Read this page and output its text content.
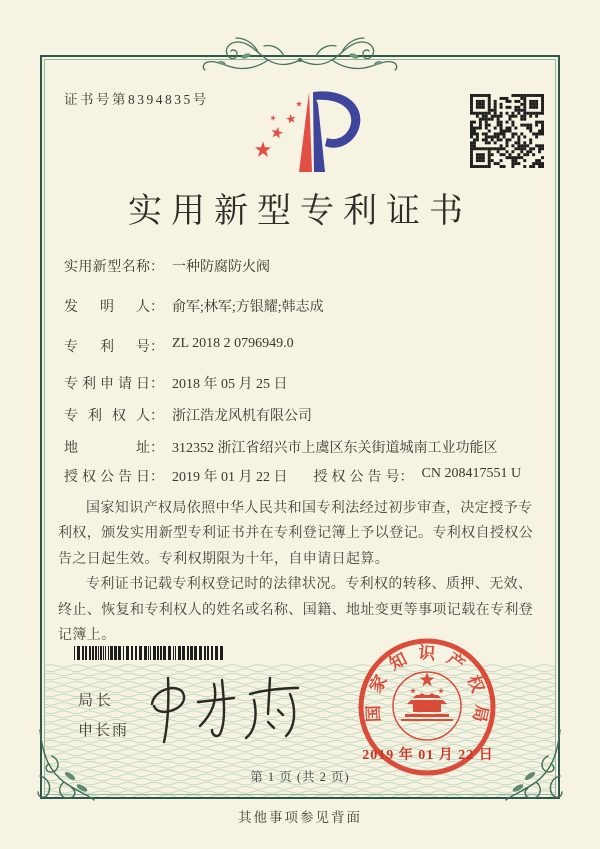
证书号第8394835号
实用新型专利证书
实用新型名称 ： 一种防腐防火阀
发明人 ： 俞军;林军;方银耀;韩志成
专利号 ： ZL 2018 2 0796949.0
专利申请日 ： 2018 年 05 月 25 日
专利权人 ： 浙江浩龙风机有限公司
地址 ： 312352 浙江省绍兴市上虞区东关街道城南工业功能区
授权公告日 ： 2019 年 01 月 22 日 授权公告号 ： CN 208417551 U

国家知识产权局依照中华人民共和国专利法经过初步审查，决定授予专利权，颁发实用新型专利证书并在专利登记簿上予以登记。专利权自授权公告之日起生效。专利权期限为十年，自申请日起算。

专利证书记载专利权登记时的法律状况。专利权的转移、质押、无效、终止、恢复和专利权人的姓名或名称、国籍、地址变更等事项记载在专利登记簿上。

局长
申长雨
国家知识产权局
2019 年 01 月 22 日
第 1 页 (共 2 页)
其他事项参见背面
